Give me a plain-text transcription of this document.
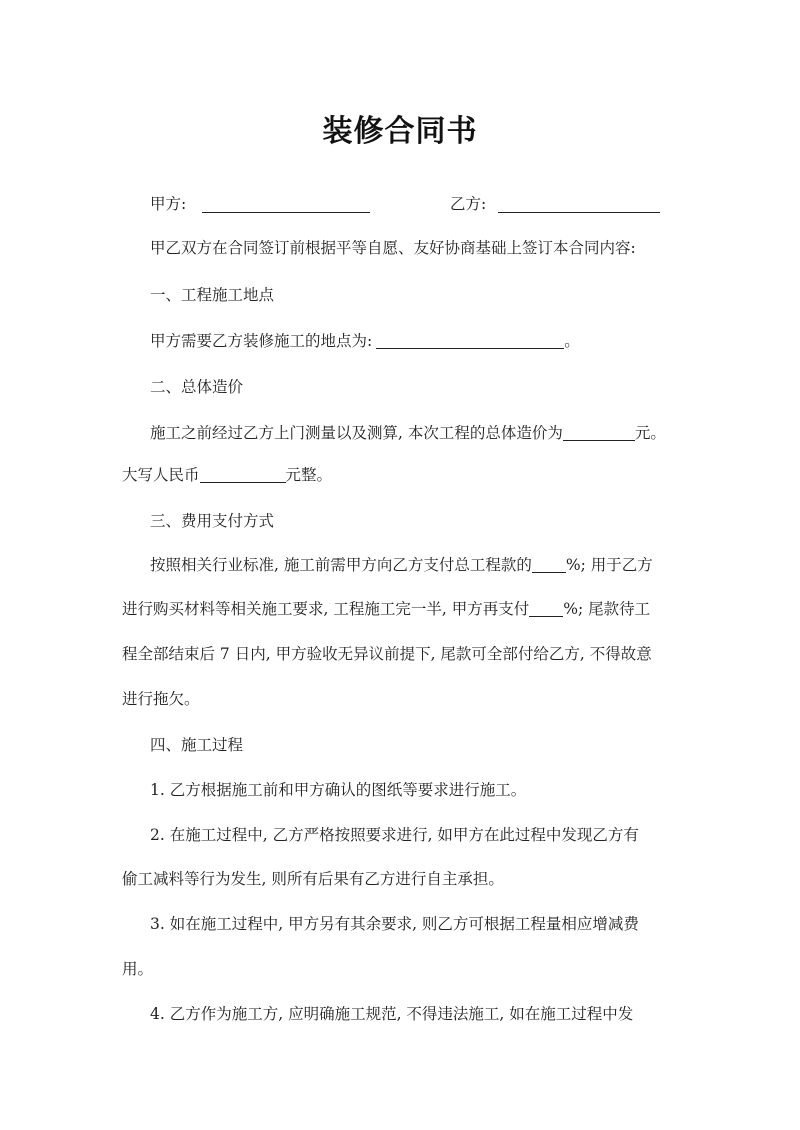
装修合同书
甲方:	乙方:
甲乙双方在合同签订前根据平等自愿、友好协商基础上签订本合同内容:
一、工程施工地点
甲方需要乙方装修施工的地点为:	。
二、总体造价
施工之前经过乙方上门测量以及测算, 本次工程的总体造价为	元。
大写人民币	元整。
三、费用支付方式
按照相关行业标准, 施工前需甲方向乙方支付总工程款的 %; 用于乙方
进行购买材料等相关施工要求, 工程施工完一半, 甲方再支付 %; 尾款待工
程全部结束后 7 日内, 甲方验收无异议前提下, 尾款可全部付给乙方, 不得故意
进行拖欠。
四、施工过程
1. 乙方根据施工前和甲方确认的图纸等要求进行施工。
2. 在施工过程中, 乙方严格按照要求进行, 如甲方在此过程中发现乙方有
偷工减料等行为发生, 则所有后果有乙方进行自主承担。
3. 如在施工过程中, 甲方另有其余要求, 则乙方可根据工程量相应增减费
用。
4. 乙方作为施工方, 应明确施工规范, 不得违法施工, 如在施工过程中发
